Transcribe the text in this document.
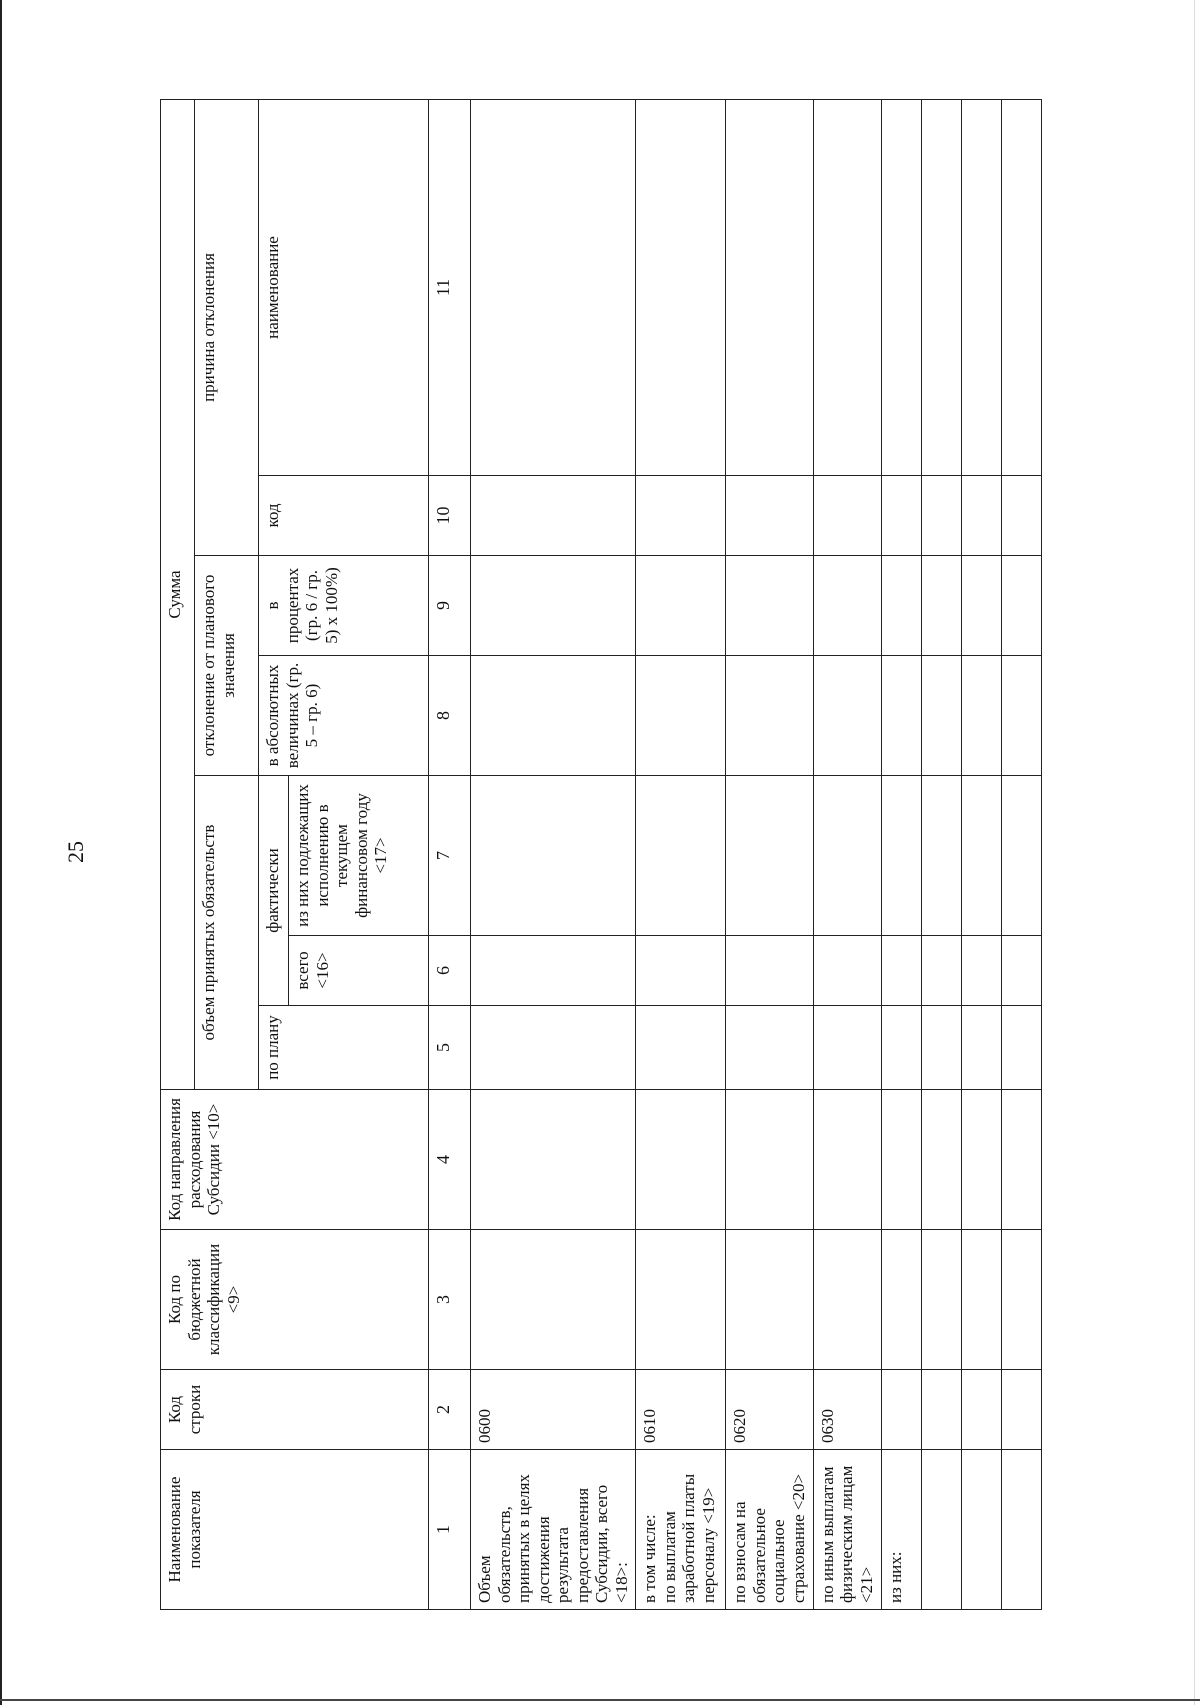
25
Наименование показателя	Код строки	Код по бюджетной классификации <9>	Код направления расходования Субсидии <10>	Сумма						
				объем принятых обязательств			отклонение от планового значения		причина отклонения	
				по плану	фактически		в абсолютных величинах (гр. 5 – гр. 6)	в процентах (гр. 6 / гр. 5) х 100%)	код	наименование
					всего <16>	из них подлежащих исполнению в текущем финансовом году <17>				
1	2	3	4	5	6	7	8	9	10	11
Объем обязательств, принятых в целях достижения результата предоставления Субсидии, всего <18>:	0600									
в том числе:
по выплатам заработной платы персоналу <19>	0610									
по взносам на обязательное социальное страхование <20>	0620									
по иным выплатам физическим лицам <21>	0630									
из них:										
